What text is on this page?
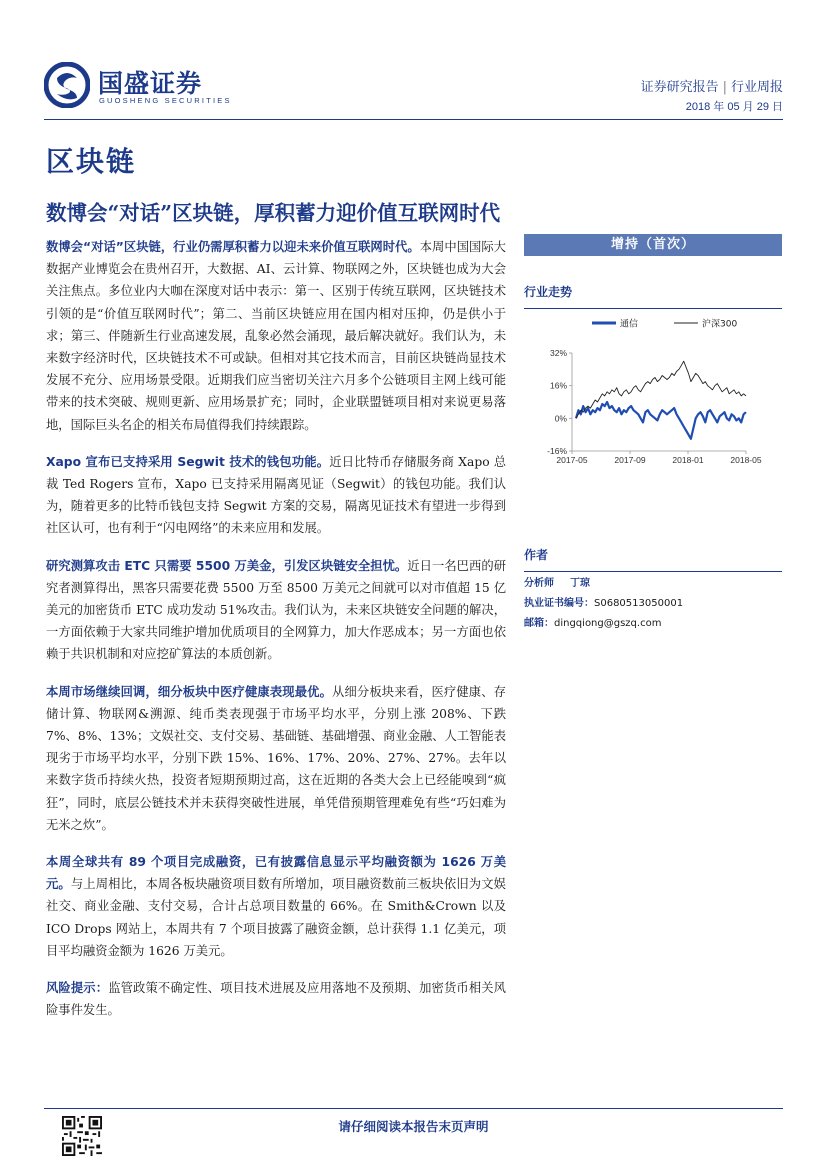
国盛证券
GUOSHENG SECURITIES
证券研究报告 | 行业周报
2018 年 05 月 29 日
区块链
数博会“对话”区块链，厚积蓄力迎价值互联网时代

数博会“对话”区块链，行业仍需厚积蓄力以迎未来价值互联网时代。本周中国国际大数据产业博览会在贵州召开，大数据、AI、云计算、物联网之外，区块链也成为大会关注焦点。多位业内大咖在深度对话中表示：第一、区别于传统互联网，区块链技术引领的是“价值互联网时代”；第二、当前区块链应用在国内相对压抑，仍是供小于求；第三、伴随新生行业高速发展，乱象必然会涌现，最后解决就好。我们认为，未来数字经济时代，区块链技术不可或缺。但相对其它技术而言，目前区块链尚显技术发展不充分、应用场景受限。近期我们应当密切关注六月多个公链项目主网上线可能带来的技术突破、规则更新、应用场景扩充；同时，企业联盟链项目相对来说更易落地，国际巨头名企的相关布局值得我们持续跟踪。

Xapo 宣布已支持采用 Segwit 技术的钱包功能。近日比特币存储服务商 Xapo 总裁 Ted Rogers 宣布，Xapo 已支持采用隔离见证（Segwit）的钱包功能。我们认为，随着更多的比特币钱包支持 Segwit 方案的交易，隔离见证技术有望进一步得到社区认可，也有利于“闪电网络”的未来应用和发展。

研究测算攻击 ETC 只需要 5500 万美金，引发区块链安全担忧。近日一名巴西的研究者测算得出，黑客只需要花费 5500 万至 8500 万美元之间就可以对市值超 15 亿美元的加密货币 ETC 成功发动 51%攻击。我们认为，未来区块链安全问题的解决，一方面依赖于大家共同维护增加优质项目的全网算力，加大作恶成本；另一方面也依赖于共识机制和对应挖矿算法的本质创新。

本周市场继续回调，细分板块中医疗健康表现最优。从细分板块来看，医疗健康、存储计算、物联网&溯源、纯币类表现强于市场平均水平，分别上涨 208%、下跌 7%、8%、13%；文娱社交、支付交易、基础链、基础增强、商业金融、人工智能表现劣于市场平均水平，分别下跌 15%、16%、17%、20%、27%、27%。去年以来数字货币持续火热，投资者短期预期过高，这在近期的各类大会上已经能嗅到“疯狂”，同时，底层公链技术并未获得突破性进展，单凭借预期管理难免有些“巧妇难为无米之炊”。

本周全球共有 89 个项目完成融资，已有披露信息显示平均融资额为 1626 万美元。与上周相比，本周各板块融资项目数有所增加，项目融资数前三板块依旧为文娱社交、商业金融、支付交易，合计占总项目数量的 66%。在 Smith&Crown 以及 ICO Drops 网站上，本周共有 7 个项目披露了融资金额，总计获得 1.1 亿美元，项目平均融资金额为 1626 万美元。

风险提示：监管政策不确定性、项目技术进展及应用落地不及预期、加密货币相关风险事件发生。

增持（首次）
行业走势
32%
16%
0%
-16%
2017-05	2017-09	2018-01	2018-05
通信	沪深300
作者
分析师 丁琼
执业证书编号：S0680513050001
邮箱：dingqiong@gszq.com
请仔细阅读本报告末页声明
